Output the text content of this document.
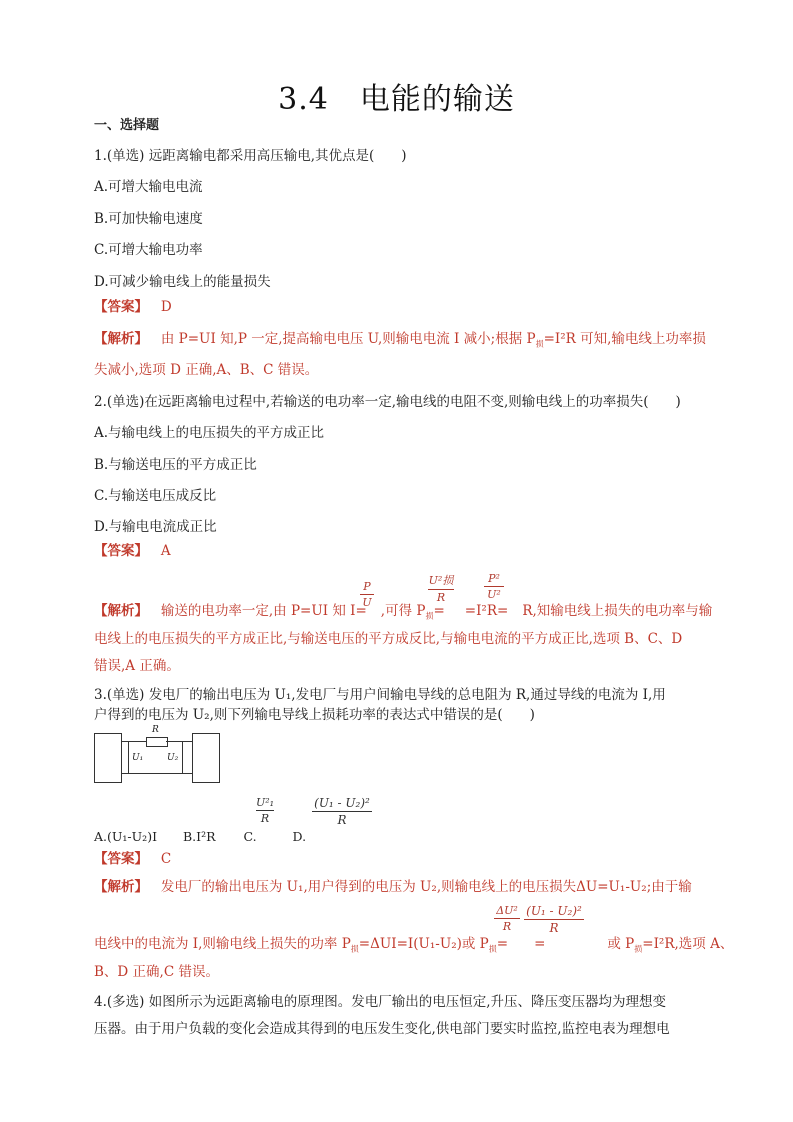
3.4　电能的输送
一、选择题
1.(单选) 远距离输电都采用高压输电,其优点是(　　)
A.可增大输电电流
B.可加快输电速度
C.可增大输电功率
D.可减少输电线上的能量损失
【答案】 D
【解析】 由 P=UI 知,P 一定,提高输电电压 U,则输电电流 I 减小;根据 $P_损=I^2R$ 可知,输电线上功率损
失减小,选项 D 正确,A、B、C 错误。
2.(单选)在远距离输电过程中,若输送的电功率一定,输电线的电阻不变,则输电线上的功率损失(　　)
A.与输电线上的电压损失的平方成正比
B.与输送电压的平方成正比
C.与输送电压成反比
D.与输电电流成正比
【答案】 A
P
U
U²损
R
P²
U²
【解析】 输送的电功率一定,由 P=UI 知 I= ,可得 $P_损= =I^2R= R$,知输电线上损失的电功率与输
电线上的电压损失的平方成正比,与输送电压的平方成反比,与输电电流的平方成正比,选项 B、C、D
错误,A 正确。
3.(单选) 发电厂的输出电压为 U₁,发电厂与用户间输电导线的总电阻为 R,通过导线的电流为 I,用
户得到的电压为 U₂,则下列输电导线上损耗功率的表达式中错误的是(　　)
R
U₁	U₂
U²₁
R
(U₁ - U₂)²
R
A.(U₁-U₂)I B.I²R C.	D.
【答案】 C
【解析】 发电厂的输出电压为 U₁,用户得到的电压为 U₂,则输电线上的电压损失ΔU=U₁-U₂;由于输
ΔU²
R
(U₁ - U₂)²
R
电线中的电流为 I,则输电线上损失的功率 $P_损=\Delta UI=I(U_1-U_2)$或 $P_损=$ =	或 $P_损=I^2R$,选项 A、
B、D 正确,C 错误。
4.(多选) 如图所示为远距离输电的原理图。发电厂输出的电压恒定,升压、降压变压器均为理想变
压器。由于用户负载的变化会造成其得到的电压发生变化,供电部门要实时监控,监控电表为理想电
